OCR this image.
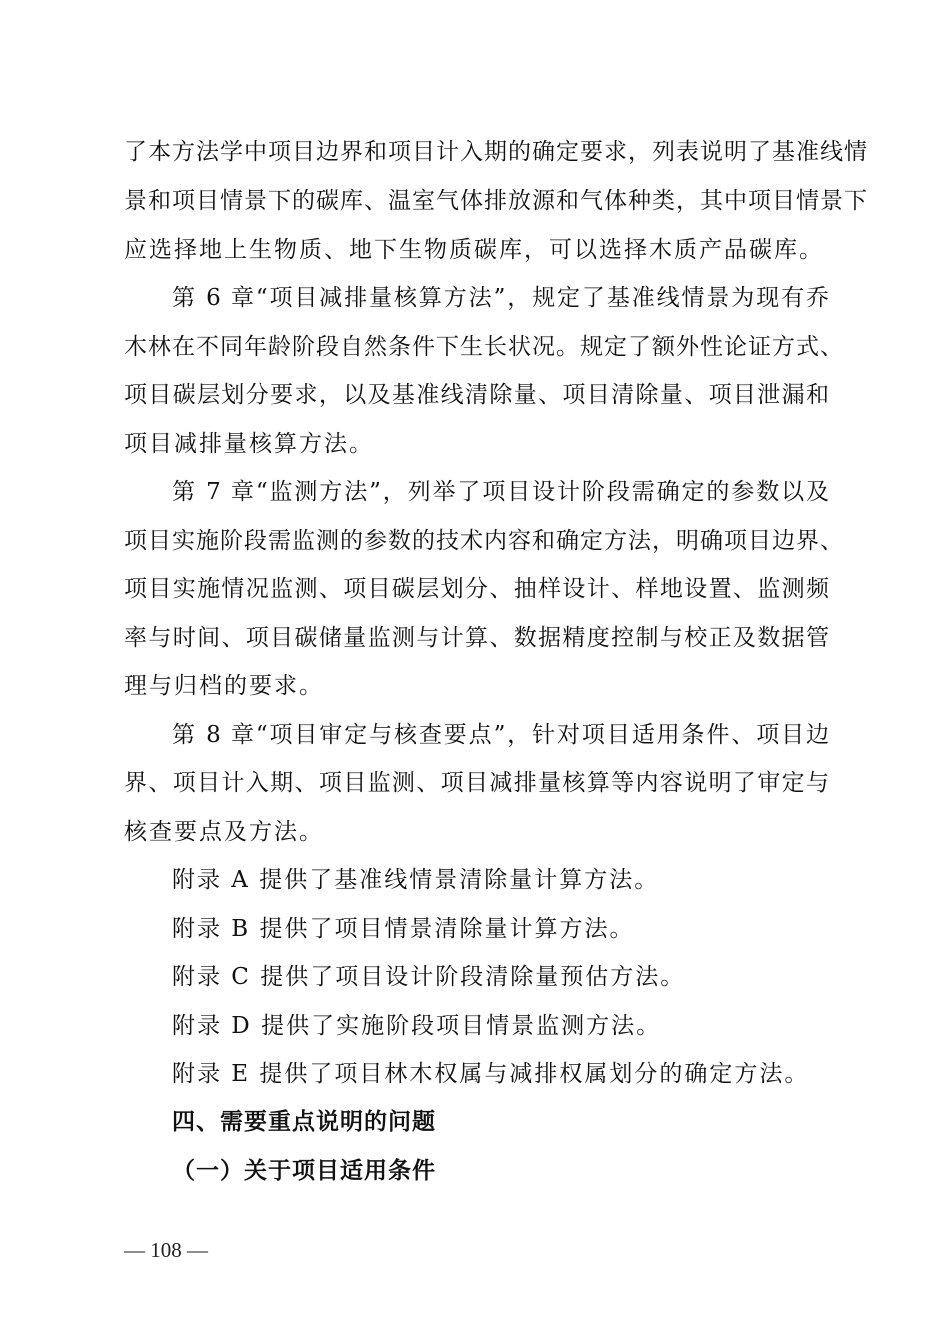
了本方法学中项目边界和项目计入期的确定要求，列表说明了基准线情
景和项目情景下的碳库、温室气体排放源和气体种类，其中项目情景下
应选择地上生物质、地下生物质碳库，可以选择木质产品碳库。
第 6 章“项目减排量核算方法”，规定了基准线情景为现有乔
木林在不同年龄阶段自然条件下生长状况。规定了额外性论证方式、
项目碳层划分要求，以及基准线清除量、项目清除量、项目泄漏和
项目减排量核算方法。
第 7 章“监测方法”，列举了项目设计阶段需确定的参数以及
项目实施阶段需监测的参数的技术内容和确定方法，明确项目边界、
项目实施情况监测、项目碳层划分、抽样设计、样地设置、监测频
率与时间、项目碳储量监测与计算、数据精度控制与校正及数据管
理与归档的要求。
第 8 章“项目审定与核查要点”，针对项目适用条件、项目边
界、项目计入期、项目监测、项目减排量核算等内容说明了审定与
核查要点及方法。
附录 A 提供了基准线情景清除量计算方法。
附录 B 提供了项目情景清除量计算方法。
附录 C 提供了项目设计阶段清除量预估方法。
附录 D 提供了实施阶段项目情景监测方法。
附录 E 提供了项目林木权属与减排权属划分的确定方法。
四、需要重点说明的问题
（一）关于项目适用条件
— 108 —
